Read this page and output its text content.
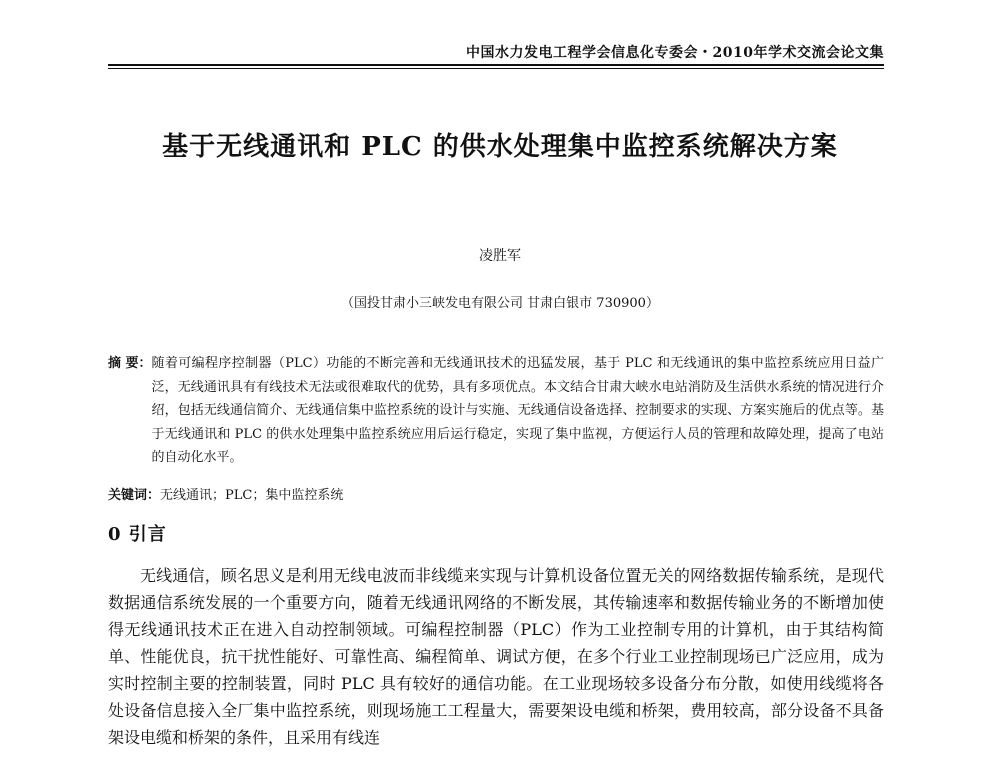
中国水力发电工程学会信息化专委会・2010年学术交流会论文集
基于无线通讯和 PLC 的供水处理集中监控系统解决方案
凌胜军
（国投甘肃小三峡发电有限公司 甘肃白银市 730900）
摘 要： 随着可编程序控制器（PLC）功能的不断完善和无线通讯技术的迅猛发展，基于 PLC 和无线通讯的集中监控系统应用日益广泛，无线通讯具有有线技术无法或很难取代的优势，具有多项优点。本文结合甘肃大峡水电站消防及生活供水系统的情况进行介绍，包括无线通信简介、无线通信集中监控系统的设计与实施、无线通信设备选择、控制要求的实现、方案实施后的优点等。基于无线通讯和 PLC 的供水处理集中监控系统应用后运行稳定，实现了集中监视，方便运行人员的管理和故障处理，提高了电站的自动化水平。
关键词：无线通讯；PLC；集中监控系统
0 引言

无线通信，顾名思义是利用无线电波而非线缆来实现与计算机设备位置无关的网络数据传输系统，是现代数据通信系统发展的一个重要方向，随着无线通讯网络的不断发展，其传输速率和数据传输业务的不断增加使得无线通讯技术正在进入自动控制领域。可编程控制器（PLC）作为工业控制专用的计算机，由于其结构简单、性能优良，抗干扰性能好、可靠性高、编程简单、调试方便，在多个行业工业控制现场已广泛应用，成为实时控制主要的控制装置，同时 PLC 具有较好的通信功能。在工业现场较多设备分布分散，如使用线缆将各处设备信息接入全厂集中监控系统，则现场施工工程量大，需要架设电缆和桥架，费用较高，部分设备不具备架设电缆和桥架的条件，且采用有线连
